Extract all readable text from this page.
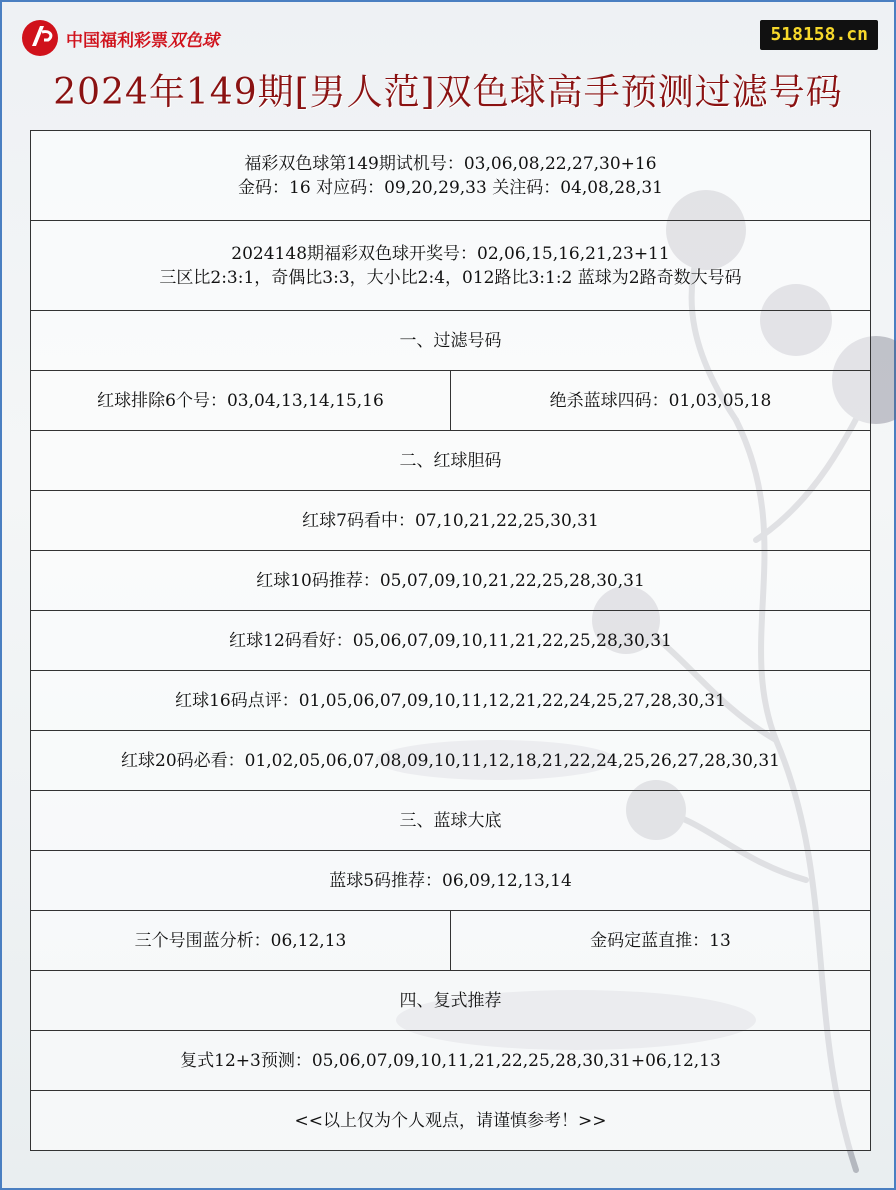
中国福利彩票 双色球	518158.cn
2024年149期[男人范]双色球高手预测过滤号码
福彩双色球第149期试机号：03,06,08,22,27,30+16
金码：16 对应码：09,20,29,33 关注码：04,08,28,31
2024148期福彩双色球开奖号：02,06,15,16,21,23+11
三区比2:3:1，奇偶比3:3，大小比2:4，012路比3:1:2 蓝球为2路奇数大号码
一、过滤号码
红球排除6个号：03,04,13,14,15,16	绝杀蓝球四码：01,03,05,18
二、红球胆码
红球7码看中：07,10,21,22,25,30,31
红球10码推荐：05,07,09,10,21,22,25,28,30,31
红球12码看好：05,06,07,09,10,11,21,22,25,28,30,31
红球16码点评：01,05,06,07,09,10,11,12,21,22,24,25,27,28,30,31
红球20码必看：01,02,05,06,07,08,09,10,11,12,18,21,22,24,25,26,27,28,30,31
三、蓝球大底
蓝球5码推荐：06,09,12,13,14
三个号围蓝分析：06,12,13	金码定蓝直推：13
四、复式推荐
复式12+3预测：05,06,07,09,10,11,21,22,25,28,30,31+06,12,13
<<以上仅为个人观点，请谨慎参考！>>
